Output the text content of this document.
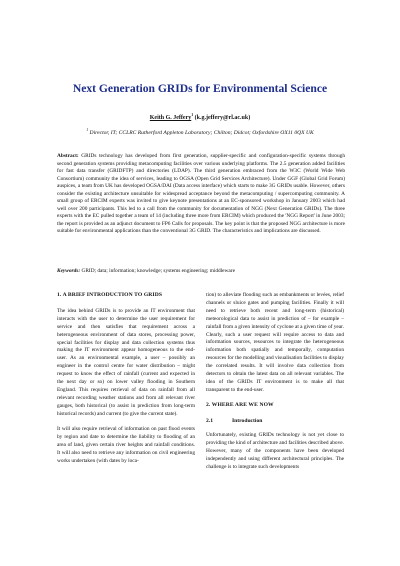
Next Generation GRIDs for Environmental Science
Keith G. Jeffery$^1$ (k.g.jeffery@rl.ac.uk)
$^1$ Director, IT; CCLRC Rutherford Appleton Laboratory; Chilton; Didcot; Oxfordshire OX11 0QX UK
Abstract: GRIDs technology has developed from first generation, supplier-specific and configuration-specific systems through second generation systems providing metacomputing facilities over various underlying platforms. The 2.5 generation added facilities for fast data transfer (GRIDFTP) and directories (LDAP). The third generation embraced from the W3C (World Wide Web Consortium) community the idea of services, leading to OGSA (Open Grid Services Architecture). Under GGF (Global Grid Forum) auspices, a team from UK has developed OGSA/DAI (Data access interface) which starts to make 3G GRIDs usable. However, others consider the existing architecture unsuitable for widespread acceptance beyond the metacomputing / supercomputing community. A small group of ERCIM experts was invited to give keynote presentations at an EC-sponsored workshop in January 2003 which had well over 200 participants. This led to a call from the community for documentation of NGG (Next Generation GRIDs). The three experts with the EC pulled together a team of 14 (including three more from ERCIM) which produced the 'NGG Report' in June 2003; the report is provided as an adjunct document to FP6 Calls for proposals. The key point is that the proposed NGG architecture is more suitable for environmental applications than the conventional 3G GRID. The characteristics and implications are discussed.
Keywords: GRID; data; information; knowledge; systems engineering; middleware
1. A BRIEF INTRODUCTION TO GRIDS

The idea behind GRIDs is to provide an IT environment that interacts with the user to determine the user requirement for service and then satisfies that requirement across a heterogeneous environment of data stores, processing power, special facilities for display and data collection systems thus making the IT environment appear homogeneous to the end-user. As an environmental example, a user – possibly an engineer in the control centre for water distribution – might request to know the effect of rainfall (current and expected in the next day or so) on lower valley flooding in Southern England. This requires retrieval of data on rainfall from all relevant recording weather stations and from all relevant river gauges, both historical (to assist in prediction from long-term historical records) and current (to give the current state).

It will also require retrieval of information on past flood events by region and date to determine the liability to flooding of an area of land, given certain river heights and rainfall conditions. It will also need to retrieve any information on civil engineering works undertaken (with dates by loca-

tion) to alleviate flooding such as embankments or levées, relief channels or sluice gates and pumping facilities. Finally it will need to retrieve both recent and long-term (historical) meteorological data to assist in prediction of – for example – rainfall from a given intensity of cyclone at a given time of year. Clearly, such a user request will require access to data and information sources, resources to integrate the heterogeneous information both spatially and temporally, computation resources for the modelling and visualisation facilities to display the correlated results. It will involve data collection from detectors to obtain the latest data on all relevant variables. The idea of the GRIDs IT environment is to make all that transparent to the end-user.

2. WHERE ARE WE NOW
2.1	Introduction

Unfortunately, existing GRIDs technology is not yet close to providing the kind of architecture and facilities described above. However, many of the components have been developed independently and using different architectural principles. The challenge is to integrate such developments
